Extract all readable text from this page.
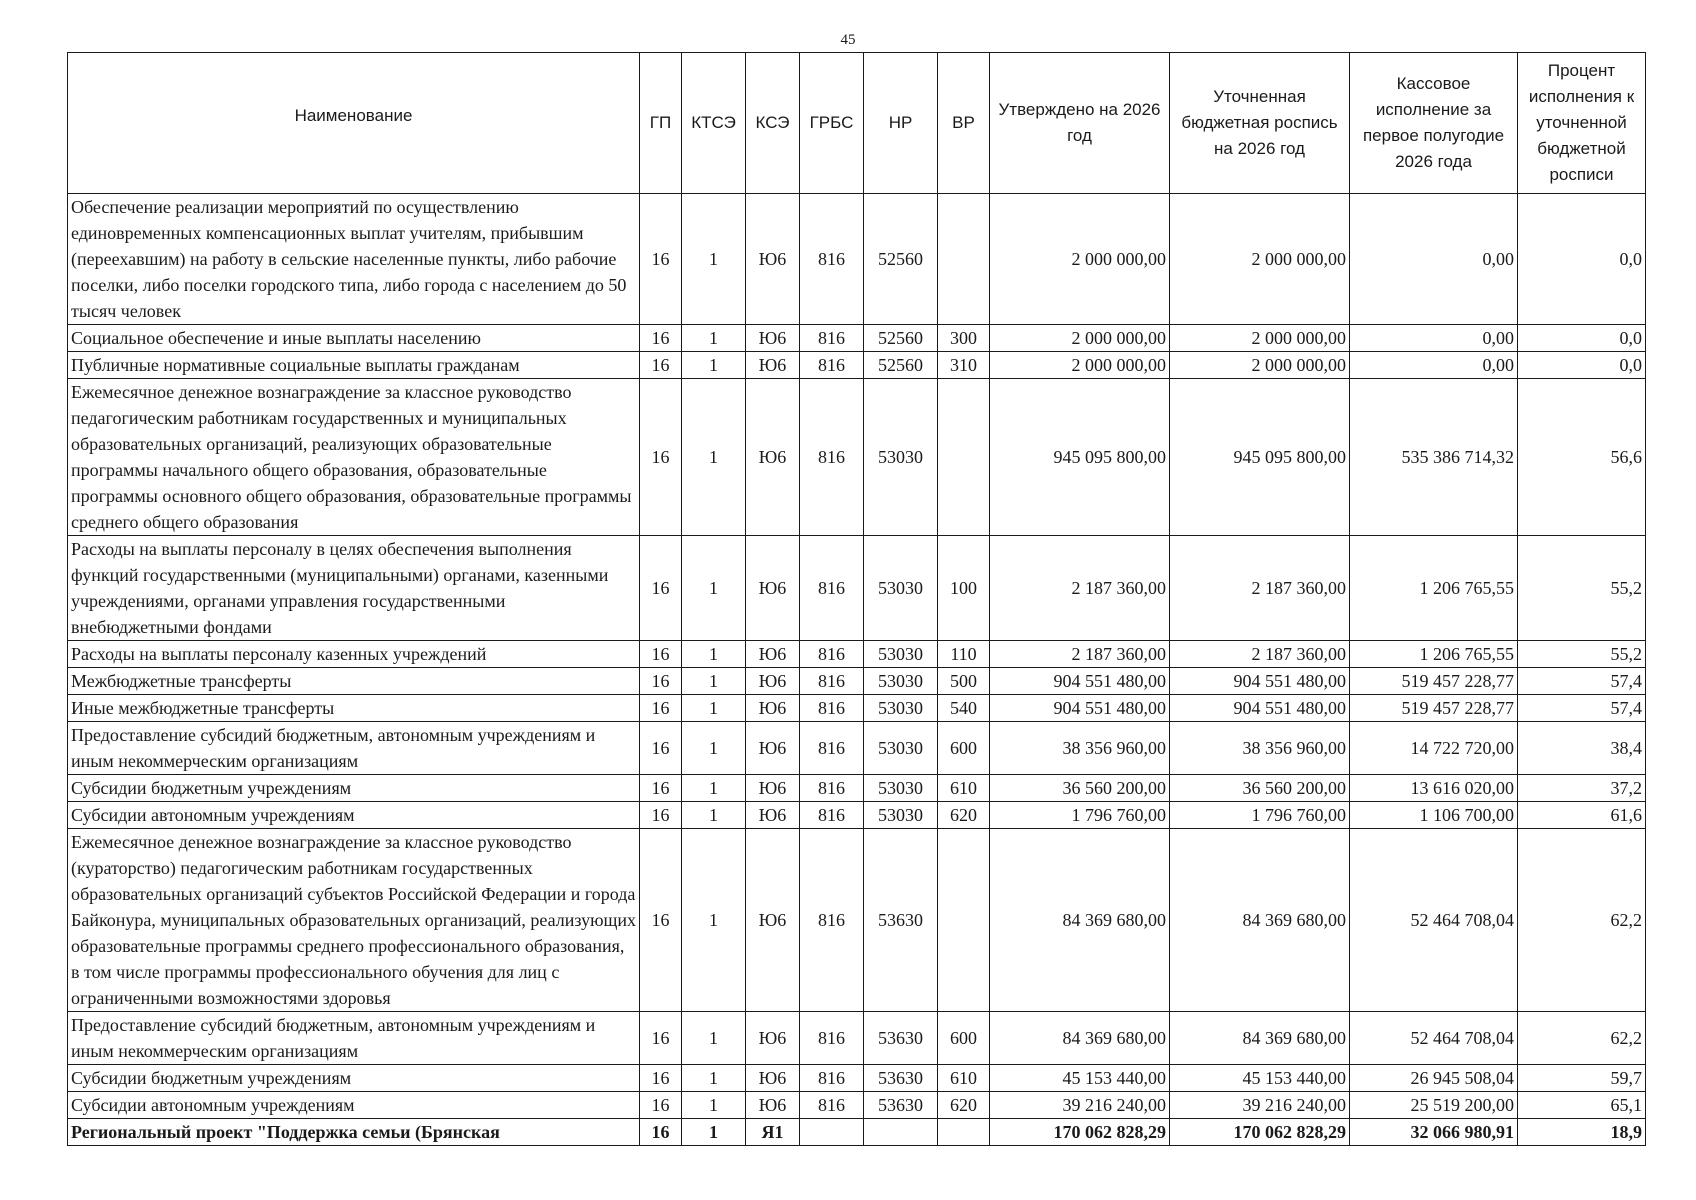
45
Наименование	ГП	КТСЭ	КСЭ	ГРБС	НР	ВР	Утверждено на 2026 год	Уточненная бюджетная роспись на 2026 год	Кассовое исполнение за первое полугодие 2026 года	Процент исполнения к уточненной бюджетной росписи
Обеспечение реализации мероприятий по осуществлению единовременных компенсационных выплат учителям, прибывшим (переехавшим) на работу в сельские населенные пункты, либо рабочие поселки, либо поселки городского типа, либо города с населением до 50 тысяч человек	16	1	Ю6	816	52560		2 000 000,00	2 000 000,00	0,00	0,0
Социальное обеспечение и иные выплаты населению	16	1	Ю6	816	52560	300	2 000 000,00	2 000 000,00	0,00	0,0
Публичные нормативные социальные выплаты гражданам	16	1	Ю6	816	52560	310	2 000 000,00	2 000 000,00	0,00	0,0
Ежемесячное денежное вознаграждение за классное руководство педагогическим работникам государственных и муниципальных образовательных организаций, реализующих образовательные программы начального общего образования, образовательные программы основного общего образования, образовательные программы среднего общего образования	16	1	Ю6	816	53030		945 095 800,00	945 095 800,00	535 386 714,32	56,6
Расходы на выплаты персоналу в целях обеспечения выполнения функций государственными (муниципальными) органами, казенными учреждениями, органами управления государственными внебюджетными фондами	16	1	Ю6	816	53030	100	2 187 360,00	2 187 360,00	1 206 765,55	55,2
Расходы на выплаты персоналу казенных учреждений	16	1	Ю6	816	53030	110	2 187 360,00	2 187 360,00	1 206 765,55	55,2
Межбюджетные трансферты	16	1	Ю6	816	53030	500	904 551 480,00	904 551 480,00	519 457 228,77	57,4
Иные межбюджетные трансферты	16	1	Ю6	816	53030	540	904 551 480,00	904 551 480,00	519 457 228,77	57,4
Предоставление субсидий бюджетным, автономным учреждениям и иным некоммерческим организациям	16	1	Ю6	816	53030	600	38 356 960,00	38 356 960,00	14 722 720,00	38,4
Субсидии бюджетным учреждениям	16	1	Ю6	816	53030	610	36 560 200,00	36 560 200,00	13 616 020,00	37,2
Субсидии автономным учреждениям	16	1	Ю6	816	53030	620	1 796 760,00	1 796 760,00	1 106 700,00	61,6
Ежемесячное денежное вознаграждение за классное руководство (кураторство) педагогическим работникам государственных образовательных организаций субъектов Российской Федерации и города Байконура, муниципальных образовательных организаций, реализующих образовательные программы среднего профессионального образования, в том числе программы профессионального обучения для лиц с ограниченными возможностями здоровья	16	1	Ю6	816	53630		84 369 680,00	84 369 680,00	52 464 708,04	62,2
Предоставление субсидий бюджетным, автономным учреждениям и иным некоммерческим организациям	16	1	Ю6	816	53630	600	84 369 680,00	84 369 680,00	52 464 708,04	62,2
Субсидии бюджетным учреждениям	16	1	Ю6	816	53630	610	45 153 440,00	45 153 440,00	26 945 508,04	59,7
Субсидии автономным учреждениям	16	1	Ю6	816	53630	620	39 216 240,00	39 216 240,00	25 519 200,00	65,1
Региональный проект "Поддержка семьи (Брянская	16	1	Я1				170 062 828,29	170 062 828,29	32 066 980,91	18,9
